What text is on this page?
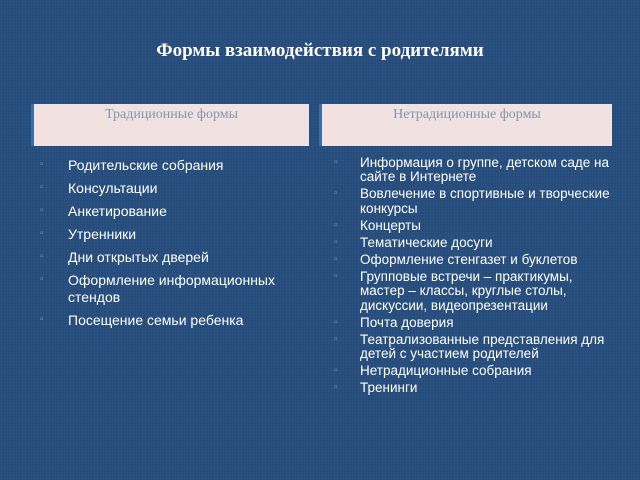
Формы взаимодействия с родителями
Традиционные формы	Нетрадиционные формы
▫ Родительские собрания
▫ Консультации
▫ Анкетирование
▫ Утренники
▫ Дни открытых дверей
▫ Оформление информационных стендов
▫ Посещение семьи ребенка
▫ Информация о группе, детском саде на сайте в Интернете
▫ Вовлечение в спортивные и творческие конкурсы
▫ Концерты
▫ Тематические досуги
▫ Оформление стенгазет и буклетов
▫ Групповые встречи – практикумы, мастер – классы, круглые столы, дискуссии, видеопрезентации
▫ Почта доверия
▫ Театрализованные представления для детей с участием родителей
▫ Нетрадиционные собрания
▫ Тренинги
